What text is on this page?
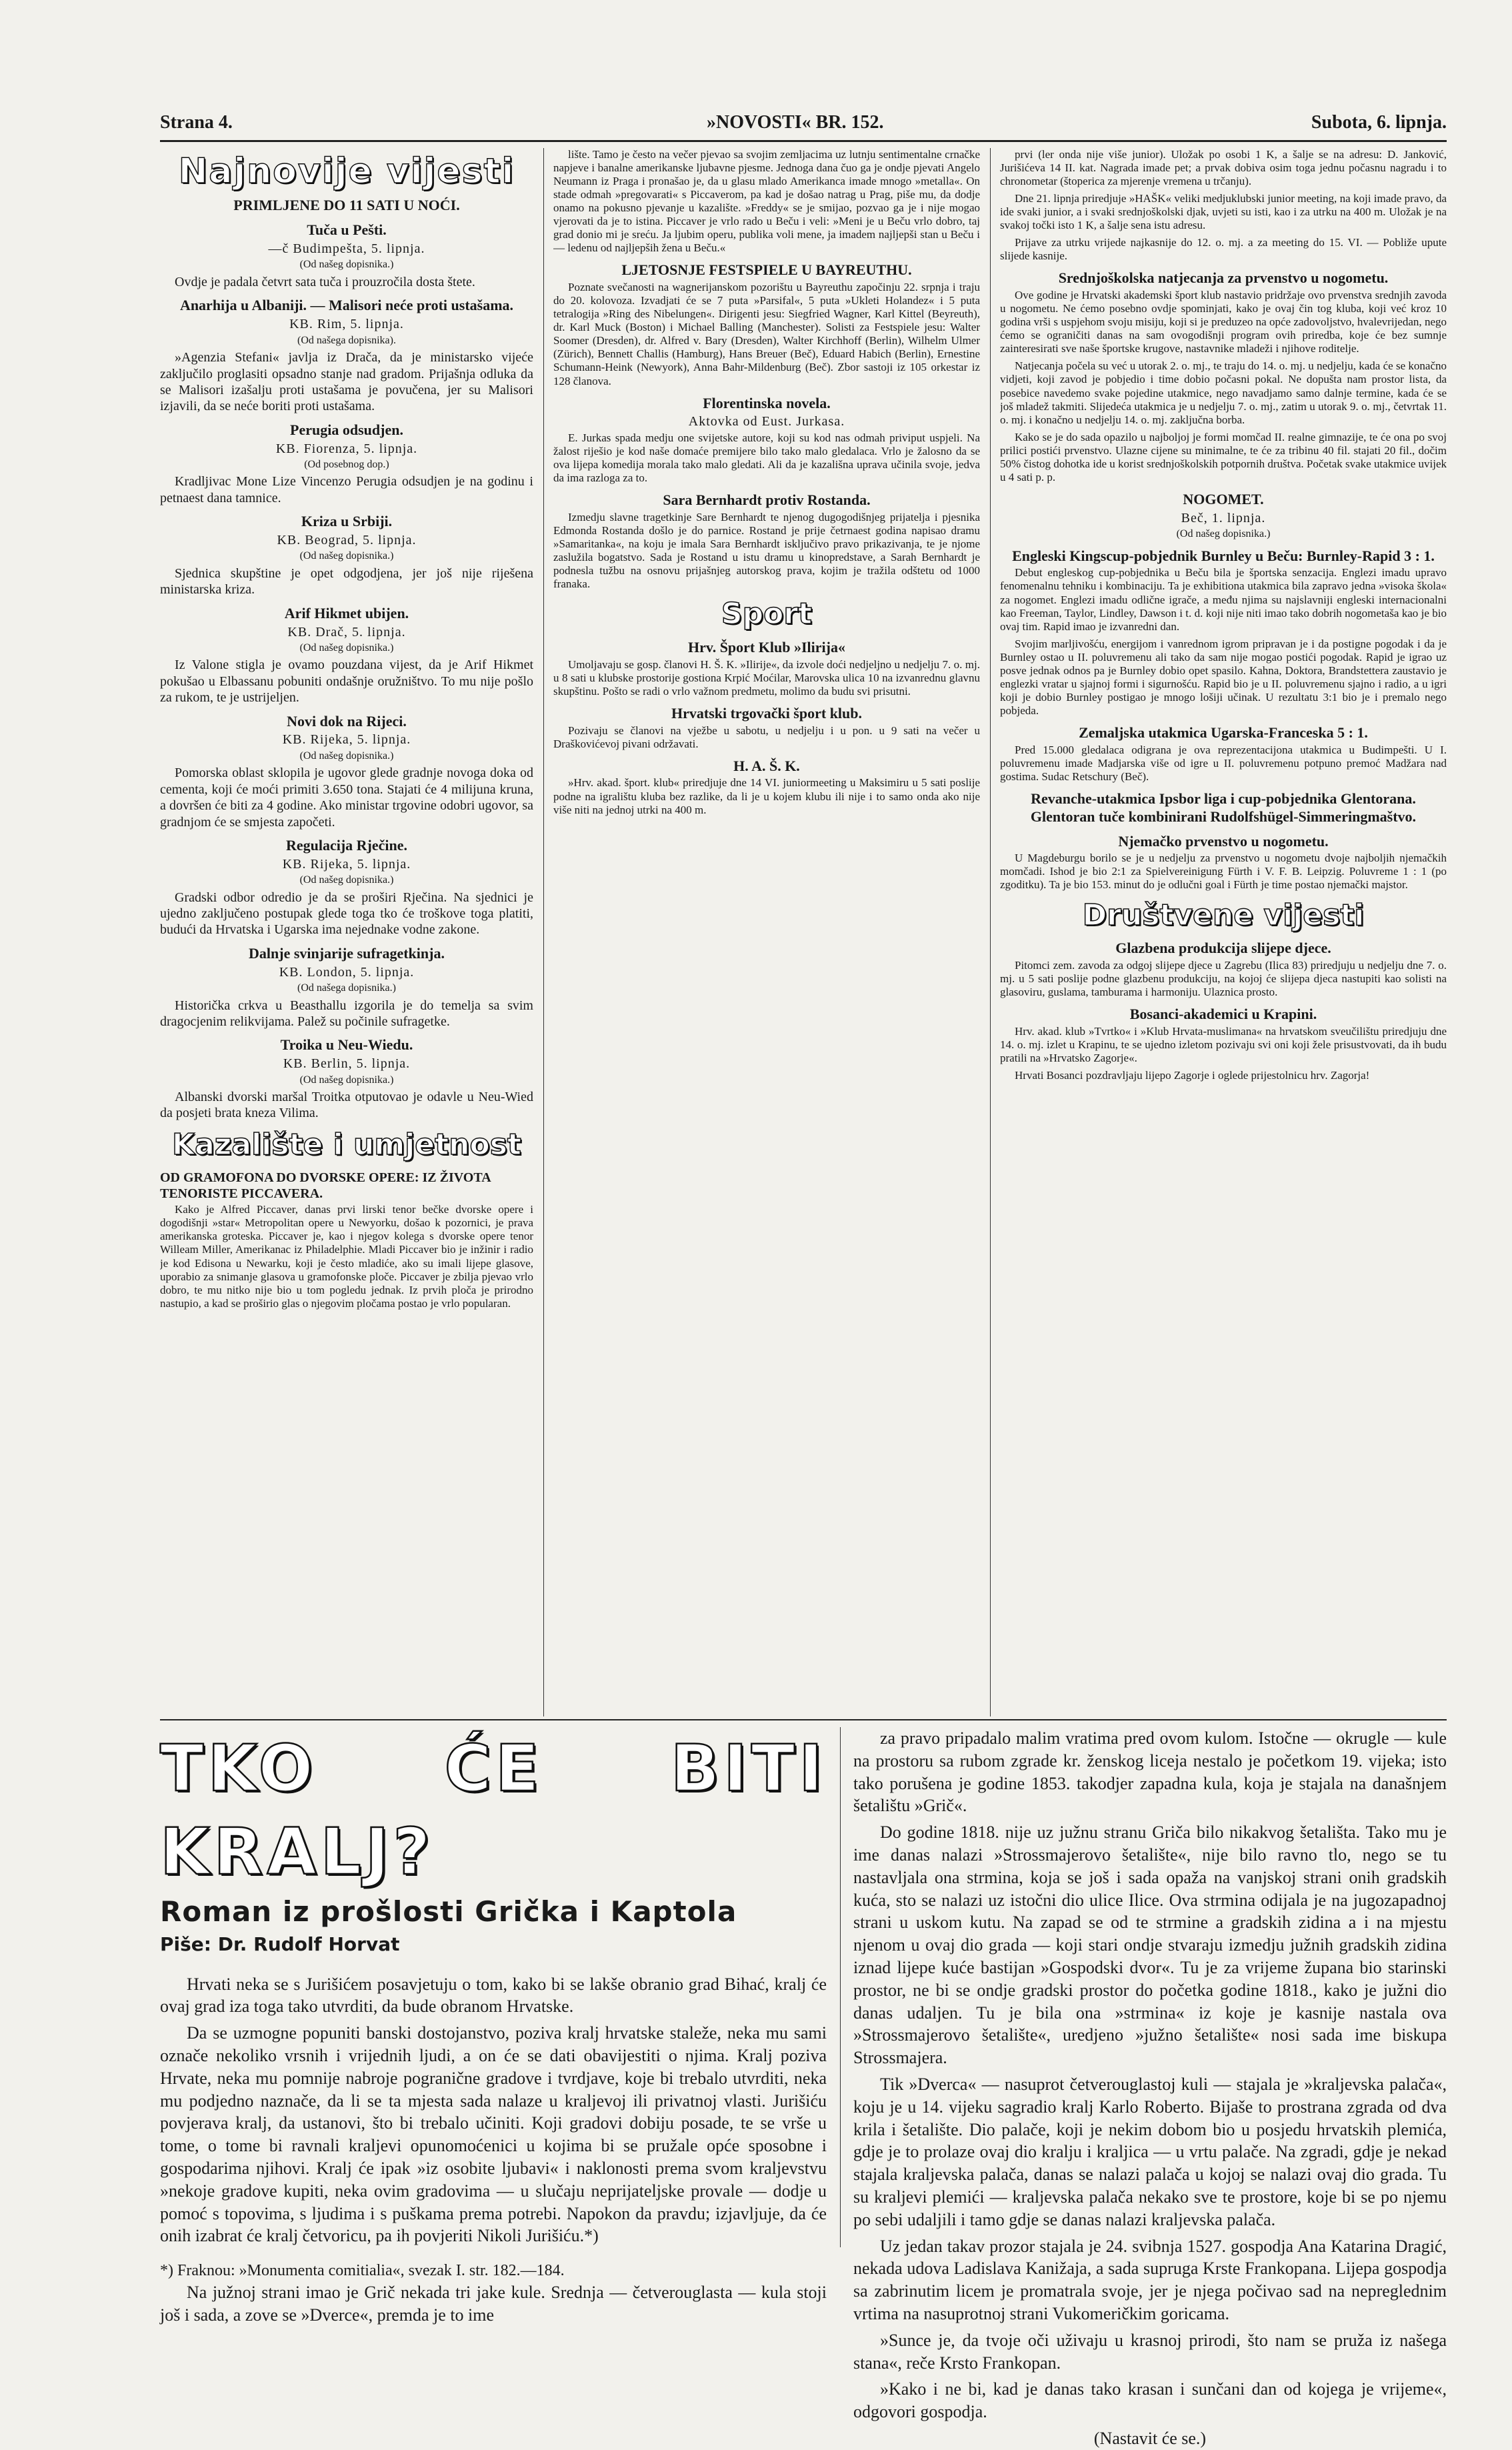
Strana 4.	»NOVOSTI« BR. 152.	Subota, 6. lipnja.
Najnovije vijesti
PRIMLJENE DO 11 SATI U NOĆI.
Tuča u Pešti.
—č Budimpešta, 5. lipnja.
(Od našeg dopisnika.)

Ovdje je padala četvrt sata tuča i prouzročila dosta štete.

Anarhija u Albaniji. — Malisori neće proti ustašama.
KB. Rim, 5. lipnja.
(Od našega dopisnika).

»Agenzia Stefani« javlja iz Drača, da je ministarsko vijeće zaključilo proglasiti opsadno stanje nad gradom. Prijašnja odluka da se Malisori izašalju proti ustašama je povučena, jer su Malisori izjavili, da se neće boriti proti ustašama.

Perugia odsudjen.
KB. Fiorenza, 5. lipnja.
(Od posebnog dop.)

Kradljivac Mone Lize Vincenzo Perugia odsudjen je na godinu i petnaest dana tamnice.

Kriza u Srbiji.
KB. Beograd, 5. lipnja.
(Od našeg dopisnika.)

Sjednica skupštine je opet odgodjena, jer još nije riješena ministarska kriza.

Arif Hikmet ubijen.
KB. Drač, 5. lipnja.
(Od našeg dopisnika.)

Iz Valone stigla je ovamo pouzdana vijest, da je Arif Hikmet pokušao u Elbassanu pobuniti ondašnje oružništvo. To mu nije pošlo za rukom, te je ustrijeljen.

Novi dok na Rijeci.
KB. Rijeka, 5. lipnja.
(Od našeg dopisnika.)

Pomorska oblast sklopila je ugovor glede gradnje novoga doka od cementa, koji će moći primiti 3.650 tona. Stajati će 4 milijuna kruna, a dovršen će biti za 4 godine. Ako ministar trgovine odobri ugovor, sa gradnjom će se smjesta započeti.

Regulacija Rječine.
KB. Rijeka, 5. lipnja.
(Od našeg dopisnika.)

Gradski odbor odredio je da se proširi Rječina. Na sjednici je ujedno zaključeno postupak glede toga tko će troškove toga platiti, budući da Hrvatska i Ugarska ima nejednake vodne zakone.

Dalnje svinjarije sufragetkinja.
KB. London, 5. lipnja.
(Od našega dopisnika.)

Historička crkva u Beasthallu izgorila je do temelja sa svim dragocjenim relikvijama. Palež su počinile sufragetke.

Troika u Neu-Wiedu.
KB. Berlin, 5. lipnja.
(Od našeg dopisnika.)

Albanski dvorski maršal Troitka otputovao je odavle u Neu-Wied da posjeti brata kneza Vilima.

Kazalište i umjetnost
OD GRAMOFONA DO DVORSKE OPERE: IZ ŽIVOTA TENORISTE PICCAVERA.

Kako je Alfred Piccaver, danas prvi lirski tenor bečke dvorske opere i dogodišnji »star« Metropolitan opere u Newyorku, došao k pozornici, je prava amerikanska groteska. Piccaver je, kao i njegov kolega s dvorske opere tenor Willeam Miller, Amerikanac iz Philadelphie. Mladi Piccaver bio je inžinir i radio je kod Edisona u Newarku, koji je često mladiće, ako su imali lijepe glasove, uporabio za snimanje glasova u gramofonske ploče. Piccaver je zbilja pjevao vrlo dobro, te mu nitko nije bio u tom pogledu jednak. Iz prvih ploča je prirodno nastupio, a kad se proširio glas o njegovim pločama postao je vrlo popularan.

lište. Tamo je često na večer pjevao sa svojim zemljacima uz lutnju sentimentalne crnačke napjeve i banalne amerikanske ljubavne pjesme. Jednoga dana čuo ga je ondje pjevati Angelo Neumann iz Praga i pronašao je, da u glasu mlado Amerikanca imade mnogo »metalla«. On stade odmah »pregovarati« s Piccaverom, pa kad je došao natrag u Prag, piše mu, da dodje onamo na pokusno pjevanje u kazalište. »Freddy« se je smijao, pozvao ga je i nije mogao vjerovati da je to istina. Piccaver je vrlo rado u Beču i veli: »Meni je u Beču vrlo dobro, taj grad donio mi je sreću. Ja ljubim operu, publika voli mene, ja imadem najljepši stan u Beču i — ledenu od najljepših žena u Beču.«

LJETOSNJE FESTSPIELE U BAYREUTHU.

Poznate svečanosti na wagnerijanskom pozorištu u Bayreuthu započinju 22. srpnja i traju do 20. kolovoza. Izvadjati će se 7 puta »Parsifal«, 5 puta »Ukleti Holandez« i 5 puta tetralogija »Ring des Nibelungen«. Dirigenti jesu: Siegfried Wagner, Karl Kittel (Beyreuth), dr. Karl Muck (Boston) i Michael Balling (Manchester). Solisti za Festspiele jesu: Walter Soomer (Dresden), dr. Alfred v. Bary (Dresden), Walter Kirchhoff (Berlin), Wilhelm Ulmer (Zürich), Bennett Challis (Hamburg), Hans Breuer (Beč), Eduard Habich (Berlin), Ernestine Schumann-Heink (Newyork), Anna Bahr-Mildenburg (Beč). Zbor sastoji iz 105 orkestar iz 128 članova.

Florentinska novela.
Aktovka od Eust. Jurkasa.

E. Jurkas spada medju one svijetske autore, koji su kod nas odmah priviput uspjeli. Na žalost riješio je kod naše domaće premijere bilo tako malo gledalaca. Vrlo je žalosno da se ova lijepa komedija morala tako malo gledati. Ali da je kazališna uprava učinila svoje, jedva da ima razloga za to.

Sara Bernhardt protiv Rostanda.

Izmedju slavne tragetkinje Sare Bernhardt te njenog dugogodišnjeg prijatelja i pjesnika Edmonda Rostanda došlo je do parnice. Rostand je prije četrnaest godina napisao dramu »Samaritanka«, na koju je imala Sara Bernhardt isključivo pravo prikazivanja, te je njome zaslužila bogatstvo. Sada je Rostand u istu dramu u kinopredstave, a Sarah Bernhardt je podnesla tužbu na osnovu prijašnjeg autorskog prava, kojim je tražila odštetu od 1000 franaka.

Sport
Hrv. Šport Klub »Ilirija«

Umoljavaju se gosp. članovi H. Š. K. »Ilirije«, da izvole doći nedjeljno u nedjelju 7. o. mj. u 8 sati u klubske prostorije gostiona Krpić Moćilar, Marovska ulica 10 na izvanrednu glavnu skupštinu. Pošto se radi o vrlo važnom predmetu, molimo da budu svi prisutni.

Hrvatski trgovački šport klub.

Pozivaju se članovi na vježbe u sabotu, u nedjelju i u pon. u 9 sati na večer u Draškovićevoj pivani održavati.

H. A. Š. K.

»Hrv. akad. šport. klub« priredjuje dne 14 VI. juniormeeting u Maksimiru u 5 sati poslije podne na igralištu kluba bez razlike, da li je u kojem klubu ili nije i to samo onda ako nije više niti na jednoj utrki na 400 m.

prvi (ler onda nije više junior). Uložak po osobi 1 K, a šalje se na adresu: D. Janković, Jurišićeva 14 II. kat. Nagrada imade pet; a prvak dobiva osim toga jednu počasnu nagradu i to chronometar (štoperica za mjerenje vremena u trčanju).

Dne 21. lipnja priredjuje »HAŠK« veliki medjuklubski junior meeting, na koji imade pravo, da ide svaki junior, a i svaki srednjoškolski djak, uvjeti su isti, kao i za utrku na 400 m. Uložak je na svakoj točki isto 1 K, a šalje sena istu adresu.

Prijave za utrku vrijede najkasnije do 12. o. mj. a za meeting do 15. VI. — Pobliže upute slijede kasnije.

Srednjoškolska natjecanja za prvenstvo u nogometu.

Ove godine je Hrvatski akademski šport klub nastavio pridržaje ovo prvenstva srednjih zavoda u nogometu. Ne ćemo posebno ovdje spominjati, kako je ovaj čin tog kluba, koji već kroz 10 godina vrši s uspjehom svoju misiju, koji si je preduzeo na opće zadovoljstvo, hvalevrijedan, nego ćemo se ograničiti danas na sam ovogodišnji program ovih priredba, koje će bez sumnje zainteresirati sve naše športske krugove, nastavnike mladeži i njihove roditelje.

Natjecanja počela su već u utorak 2. o. mj., te traju do 14. o. mj. u nedjelju, kada će se konačno vidjeti, koji zavod je pobjedio i time dobio počasni pokal. Ne dopušta nam prostor lista, da posebice navedemo svake pojedine utakmice, nego navadjamo samo dalnje termine, kada će se još mladež takmiti. Slijedeća utakmica je u nedjelju 7. o. mj., zatim u utorak 9. o. mj., četvrtak 11. o. mj. i konačno u nedjelju 14. o. mj. zaključna borba.

Kako se je do sada opazilo u najboljoj je formi momčad II. realne gimnazije, te će ona po svoj prilici postići prvenstvo. Ulazne cijene su minimalne, te će za tribinu 40 fil. stajati 20 fil., dočim 50% čistog dohotka ide u korist srednjoškolskih potpornih društva. Početak svake utakmice uvijek u 4 sati p. p.

NOGOMET.
Beč, 1. lipnja.
(Od našeg dopisnika.)
Engleski Kingscup-pobjednik Burnley u Beču: Burnley-Rapid 3 : 1.

Debut engleskog cup-pobjednika u Beču bila je športska senzacija. Englezi imadu upravo fenomenalnu tehniku i kombinaciju. Ta je exhibitiona utakmica bila zapravo jedna »visoka škola« za nogomet. Englezi imadu odlične igrače, a među njima su najslavniji engleski internacionalni kao Freeman, Taylor, Lindley, Dawson i t. d. koji nije niti imao tako dobrih nogometaša kao je bio ovaj tim. Rapid imao je izvanredni dan.

Svojim marljivošću, energijom i vanrednom igrom pripravan je i da postigne pogodak i da je Burnley ostao u II. poluvremenu ali tako da sam nije mogao postići pogodak. Rapid je igrao uz posve jednak odnos pa je Burnley dobio opet spasilo. Kahna, Doktora, Brandstettera zaustavio je englezki vratar u sjajnoj formi i sigurnošću. Rapid bio je u II. poluvremenu sjajno i radio, a u igri koji je dobio Burnley postigao je mnogo lošiji učinak. U rezultatu 3:1 bio je i premalo nego pobjeda.

Zemaljska utakmica Ugarska-Franceska 5 : 1.

Pred 15.000 gledalaca odigrana je ova reprezentacijona utakmica u Budimpešti. U I. poluvremenu imade Madjarska više od igre u II. poluvremenu potpuno premoć Madžara nad gostima. Sudac Retschury (Beč).

Revanche-utakmica Ipsbor liga i cup-pobjednika Glentorana. Glentoran tuče kombinirani Rudolfshügel-Simmeringmaštvo.
Njemačko prvenstvo u nogometu.

U Magdeburgu borilo se je u nedjelju za prvenstvo u nogometu dvoje najboljih njemačkih momčadi. Ishod je bio 2:1 za Spielvereinigung Fürth i V. F. B. Leipzig. Poluvreme 1 : 1 (po zgoditku). Ta je bio 153. minut do je odlučni goal i Fürth je time postao njemački majstor.

Društvene vijesti
Glazbena produkcija slijepe djece.

Pitomci zem. zavoda za odgoj slijepe djece u Zagrebu (Ilica 83) priredjuju u nedjelju dne 7. o. mj. u 5 sati poslije podne glazbenu produkciju, na kojoj će slijepa djeca nastupiti kao solisti na glasoviru, guslama, tamburama i harmoniju. Ulaznica prosto.

Bosanci-akademici u Krapini.

Hrv. akad. klub »Tvrtko« i »Klub Hrvata-muslimana« na hrvatskom sveučilištu priredjuju dne 14. o. mj. izlet u Krapinu, te se ujedno izletom pozivaju svi oni koji žele prisustvovati, da ih budu pratili na »Hrvatsko Zagorje«.

Hrvati Bosanci pozdravljaju lijepo Zagorje i oglede prijestolnicu hrv. Zagorja!

TKO ĆE BITI KRALJ?
Roman iz prošlosti Grička i Kaptola
Piše: Dr. Rudolf Horvat

Hrvati neka se s Jurišićem posavjetuju o tom, kako bi se lakše obranio grad Bihać, kralj će ovaj grad iza toga tako utvrditi, da bude obranom Hrvatske.

Da se uzmogne popuniti banski dostojanstvo, poziva kralj hrvatske staleže, neka mu sami označe nekoliko vrsnih i vrijednih ljudi, a on će se dati obavijestiti o njima. Kralj poziva Hrvate, neka mu pomnije nabroje pogranične gradove i tvrdjave, koje bi trebalo utvrditi, neka mu podjedno naznače, da li se ta mjesta sada nalaze u kraljevoj ili privatnoj vlasti. Jurišiću povjerava kralj, da ustanovi, što bi trebalo učiniti. Koji gradovi dobiju posade, te se vrše u tome, o tome bi ravnali kraljevi opunomoćenici u kojima bi se pružale opće sposobne i gospodarima njihovi. Kralj će ipak »iz osobite ljubavi« i naklonosti prema svom kraljevstvu »nekoje gradove kupiti, neka ovim gradovima — u slučaju neprijateljske provale — dodje u pomoć s topovima, s ljudima i s puškama prema potrebi. Napokon da pravdu; izjavljuje, da će onih izabrat će kralj četvoricu, pa ih povjeriti Nikoli Jurišiću.*)

*) Fraknou: »Monumenta comitialia«, svezak I. str. 182.—184.

Na južnoj strani imao je Grič nekada tri jake kule. Srednja — četverouglasta — kula stoji još i sada, a zove se »Dverce«, premda je to ime

za pravo pripadalo malim vratima pred ovom kulom. Istočne — okrugle — kule na prostoru sa rubom zgrade kr. ženskog liceja nestalo je početkom 19. vijeka; isto tako porušena je godine 1853. takodjer zapadna kula, koja je stajala na današnjem šetalištu »Grič«.

Do godine 1818. nije uz južnu stranu Griča bilo nikakvog šetališta. Tako mu je ime danas nalazi »Strossmajerovo šetalište«, nije bilo ravno tlo, nego se tu nastavljala ona strmina, koja se još i sada opaža na vanjskoj strani onih gradskih kuća, sto se nalazi uz istočni dio ulice Ilice. Ova strmina odijala je na jugozapadnoj strani u uskom kutu. Na zapad se od te strmine a gradskih zidina a i na mjestu njenom u ovaj dio grada — koji stari ondje stvaraju izmedju južnih gradskih zidina iznad lijepe kuće bastijan »Gospodski dvor«. Tu je za vrijeme župana bio starinski prostor, ne bi se ondje gradski prostor do početka godine 1818., kako je južni dio danas udaljen. Tu je bila ona »strmina« iz koje je kasnije nastala ova »Strossmajerovo šetalište«, uredjeno »južno šetalište« nosi sada ime biskupa Strossmajera.

Tik »Dverca« — nasuprot četverouglastoj kuli — stajala je »kraljevska palača«, koju je u 14. vijeku sagradio kralj Karlo Roberto. Bijaše to prostrana zgrada od dva krila i šetalište. Dio palače, koji je nekim dobom bio u posjedu hrvatskih plemića, gdje je to prolaze ovaj dio kralju i kraljica — u vrtu palače. Na zgradi, gdje je nekad stajala kraljevska palača, danas se nalazi palača u kojoj se nalazi ovaj dio grada. Tu su kraljevi plemići — kraljevska palača nekako sve te prostore, koje bi se po njemu po sebi udaljili i tamo gdje se danas nalazi kraljevska palača.

Uz jedan takav prozor stajala je 24. svibnja 1527. gospodja Ana Katarina Dragić, nekada udova Ladislava Kanižaja, a sada supruga Krste Frankopana. Lijepa gospodja sa zabrinutim licem je promatrala svoje, jer je njega počivao sad na nepreglednim vrtima na nasuprotnoj strani Vukomeričkim goricama.

»Sunce je, da tvoje oči uživaju u krasnoj prirodi, što nam se pruža iz našega stana«, reče Krsto Frankopan.

»Kako i ne bi, kad je danas tako krasan i sunčani dan od kojega je vrijeme«, odgovori gospodja.

(Nastavit će se.)
